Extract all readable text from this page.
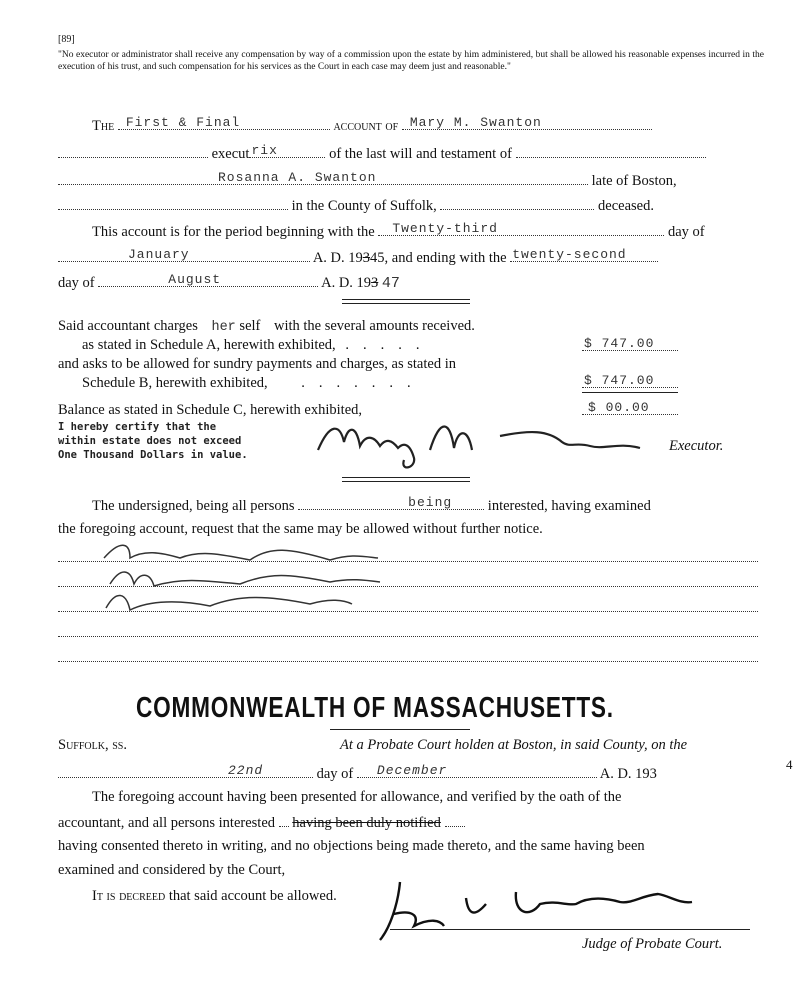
[89]
"No executor or administrator shall receive any compensation by way of a commission upon the estate by him administered, but shall be allowed his reasonable expenses incurred in the execution of his trust, and such compensation for his services as the Court in each case may deem just and reasonable."
The First & Final	account of Mary M. Swanton
execut rix	of the last will and testament of
Rosanna A. Swanton	late of Boston,
in the County of Suffolk,	deceased.
This account is for the period beginning with the Twenty-third	day of
January	A. D. 19345, and ending with the twenty-second
day of	August	A. D. 193 47
Said accountant charges her self with the several amounts received.
as stated in Schedule A, herewith exhibited, .....	$ 747.00
and asks to be allowed for sundry payments and charges, as stated in
Schedule B, herewith exhibited, .......	$ 747.00
Balance as stated in Schedule C, herewith exhibited,	$ 00.00
I hereby certify that the within estate does not exceed One Thousand Dollars in value.
Executor.
The undersigned, being all persons	being interested, having examined
the foregoing account, request that the same may be allowed without further notice.
COMMONWEALTH OF MASSACHUSETTS.
Suffolk, ss.	At a Probate Court holden at Boston, in said County, on the
4
22nd	day of December	A. D. 193
The foregoing account having been presented for allowance, and verified by the oath of the
accountant, and all persons interested having been duly notified
having consented thereto in writing, and no objections being made thereto, and the same having been
examined and considered by the Court,
It is decreed that said account be allowed.
Judge of Probate Court.
